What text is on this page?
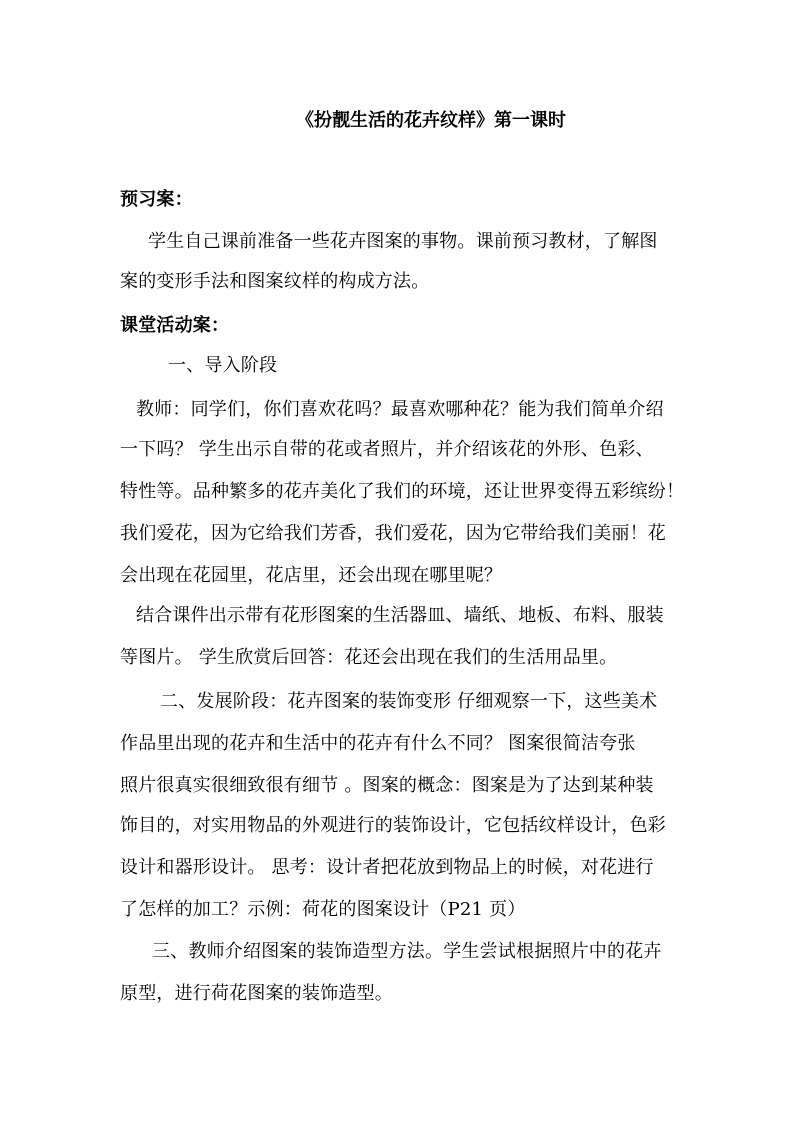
《扮靓生活的花卉纹样》第一课时
预习案：
学生自己课前准备一些花卉图案的事物。课前预习教材，了解图
案的变形手法和图案纹样的构成方法。
课堂活动案：
一、导入阶段
教师：同学们，你们喜欢花吗？最喜欢哪种花？能为我们简单介绍
一下吗？ 学生出示自带的花或者照片，并介绍该花的外形、色彩、
特性等。品种繁多的花卉美化了我们的环境，还让世界变得五彩缤纷！
我们爱花，因为它给我们芳香，我们爱花，因为它带给我们美丽！花
会出现在花园里，花店里，还会出现在哪里呢？
结合课件出示带有花形图案的生活器皿、墙纸、地板、布料、服装
等图片。 学生欣赏后回答：花还会出现在我们的生活用品里。
二、发展阶段：花卉图案的装饰变形 仔细观察一下，这些美术
作品里出现的花卉和生活中的花卉有什么不同？ 图案很简洁夸张
照片很真实很细致很有细节 。图案的概念：图案是为了达到某种装
饰目的，对实用物品的外观进行的装饰设计，它包括纹样设计，色彩
设计和器形设计。 思考：设计者把花放到物品上的时候，对花进行
了怎样的加工？示例：荷花的图案设计（P21 页）
三、教师介绍图案的装饰造型方法。学生尝试根据照片中的花卉
原型，进行荷花图案的装饰造型。
